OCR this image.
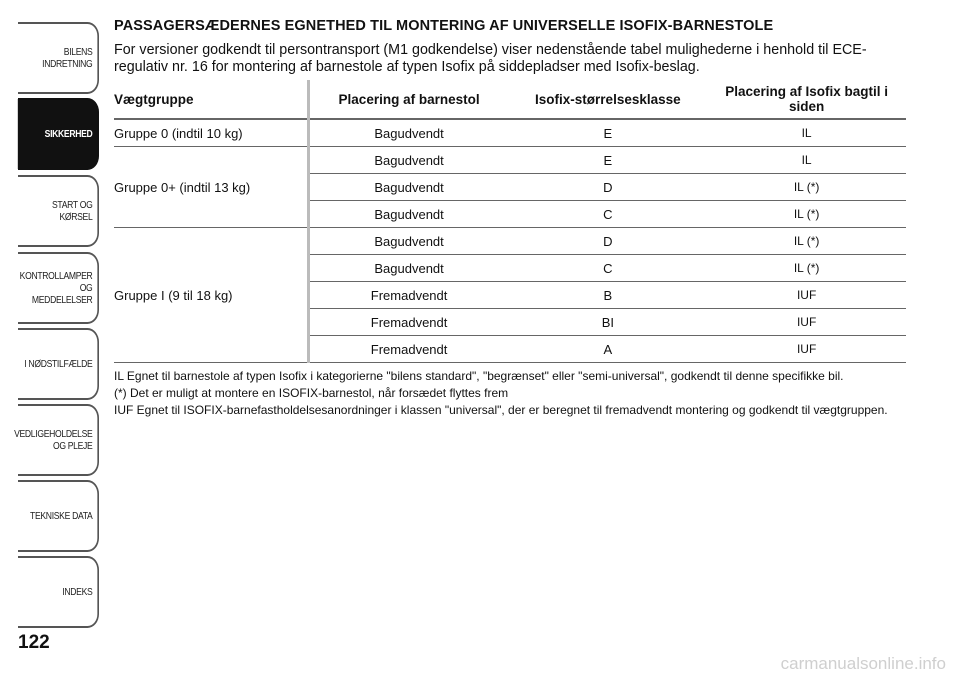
BILENS INDRETNING
SIKKERHED
START OG KØRSEL
KONTROLLAMPER
OG MEDDELELSER
I NØDSTILFÆLDE
VEDLIGEHOLDELSE
OG PLEJE
TEKNISKE DATA
INDEKS
122

PASSAGERSÆDERNES EGNETHED TIL MONTERING AF UNIVERSELLE ISOFIX-BARNESTOLE

For versioner godkendt til persontransport (M1 godkendelse) viser nedenstående tabel mulighederne i henhold til ECE-regulativ nr. 16 for montering af barnestole af typen Isofix på siddepladser med Isofix-beslag.

Vægtgruppe	Placering af barnestol	Isofix-størrelsesklasse	Placering af Isofix bagtil i siden
Gruppe 0 (indtil 10 kg)	Bagudvendt	E	IL
Gruppe 0+ (indtil 13 kg)	Bagudvendt	E	IL
	Bagudvendt	D	IL (*)
	Bagudvendt	C	IL (*)
Gruppe I (9 til 18 kg)	Bagudvendt	D	IL (*)
	Bagudvendt	C	IL (*)
	Fremadvendt	B	IUF
	Fremadvendt	BI	IUF
	Fremadvendt	A	IUF

IL Egnet til barnestole af typen Isofix i kategorierne "bilens standard", "begrænset" eller "semi-universal", godkendt til denne specifikke bil.

(*) Det er muligt at montere en ISOFIX-barnestol, når forsædet flyttes frem

IUF Egnet til ISOFIX-barnefastholdelsesanordninger i klassen "universal", der er beregnet til fremadvendt montering og godkendt til vægtgruppen.

carmanualsonline.info
